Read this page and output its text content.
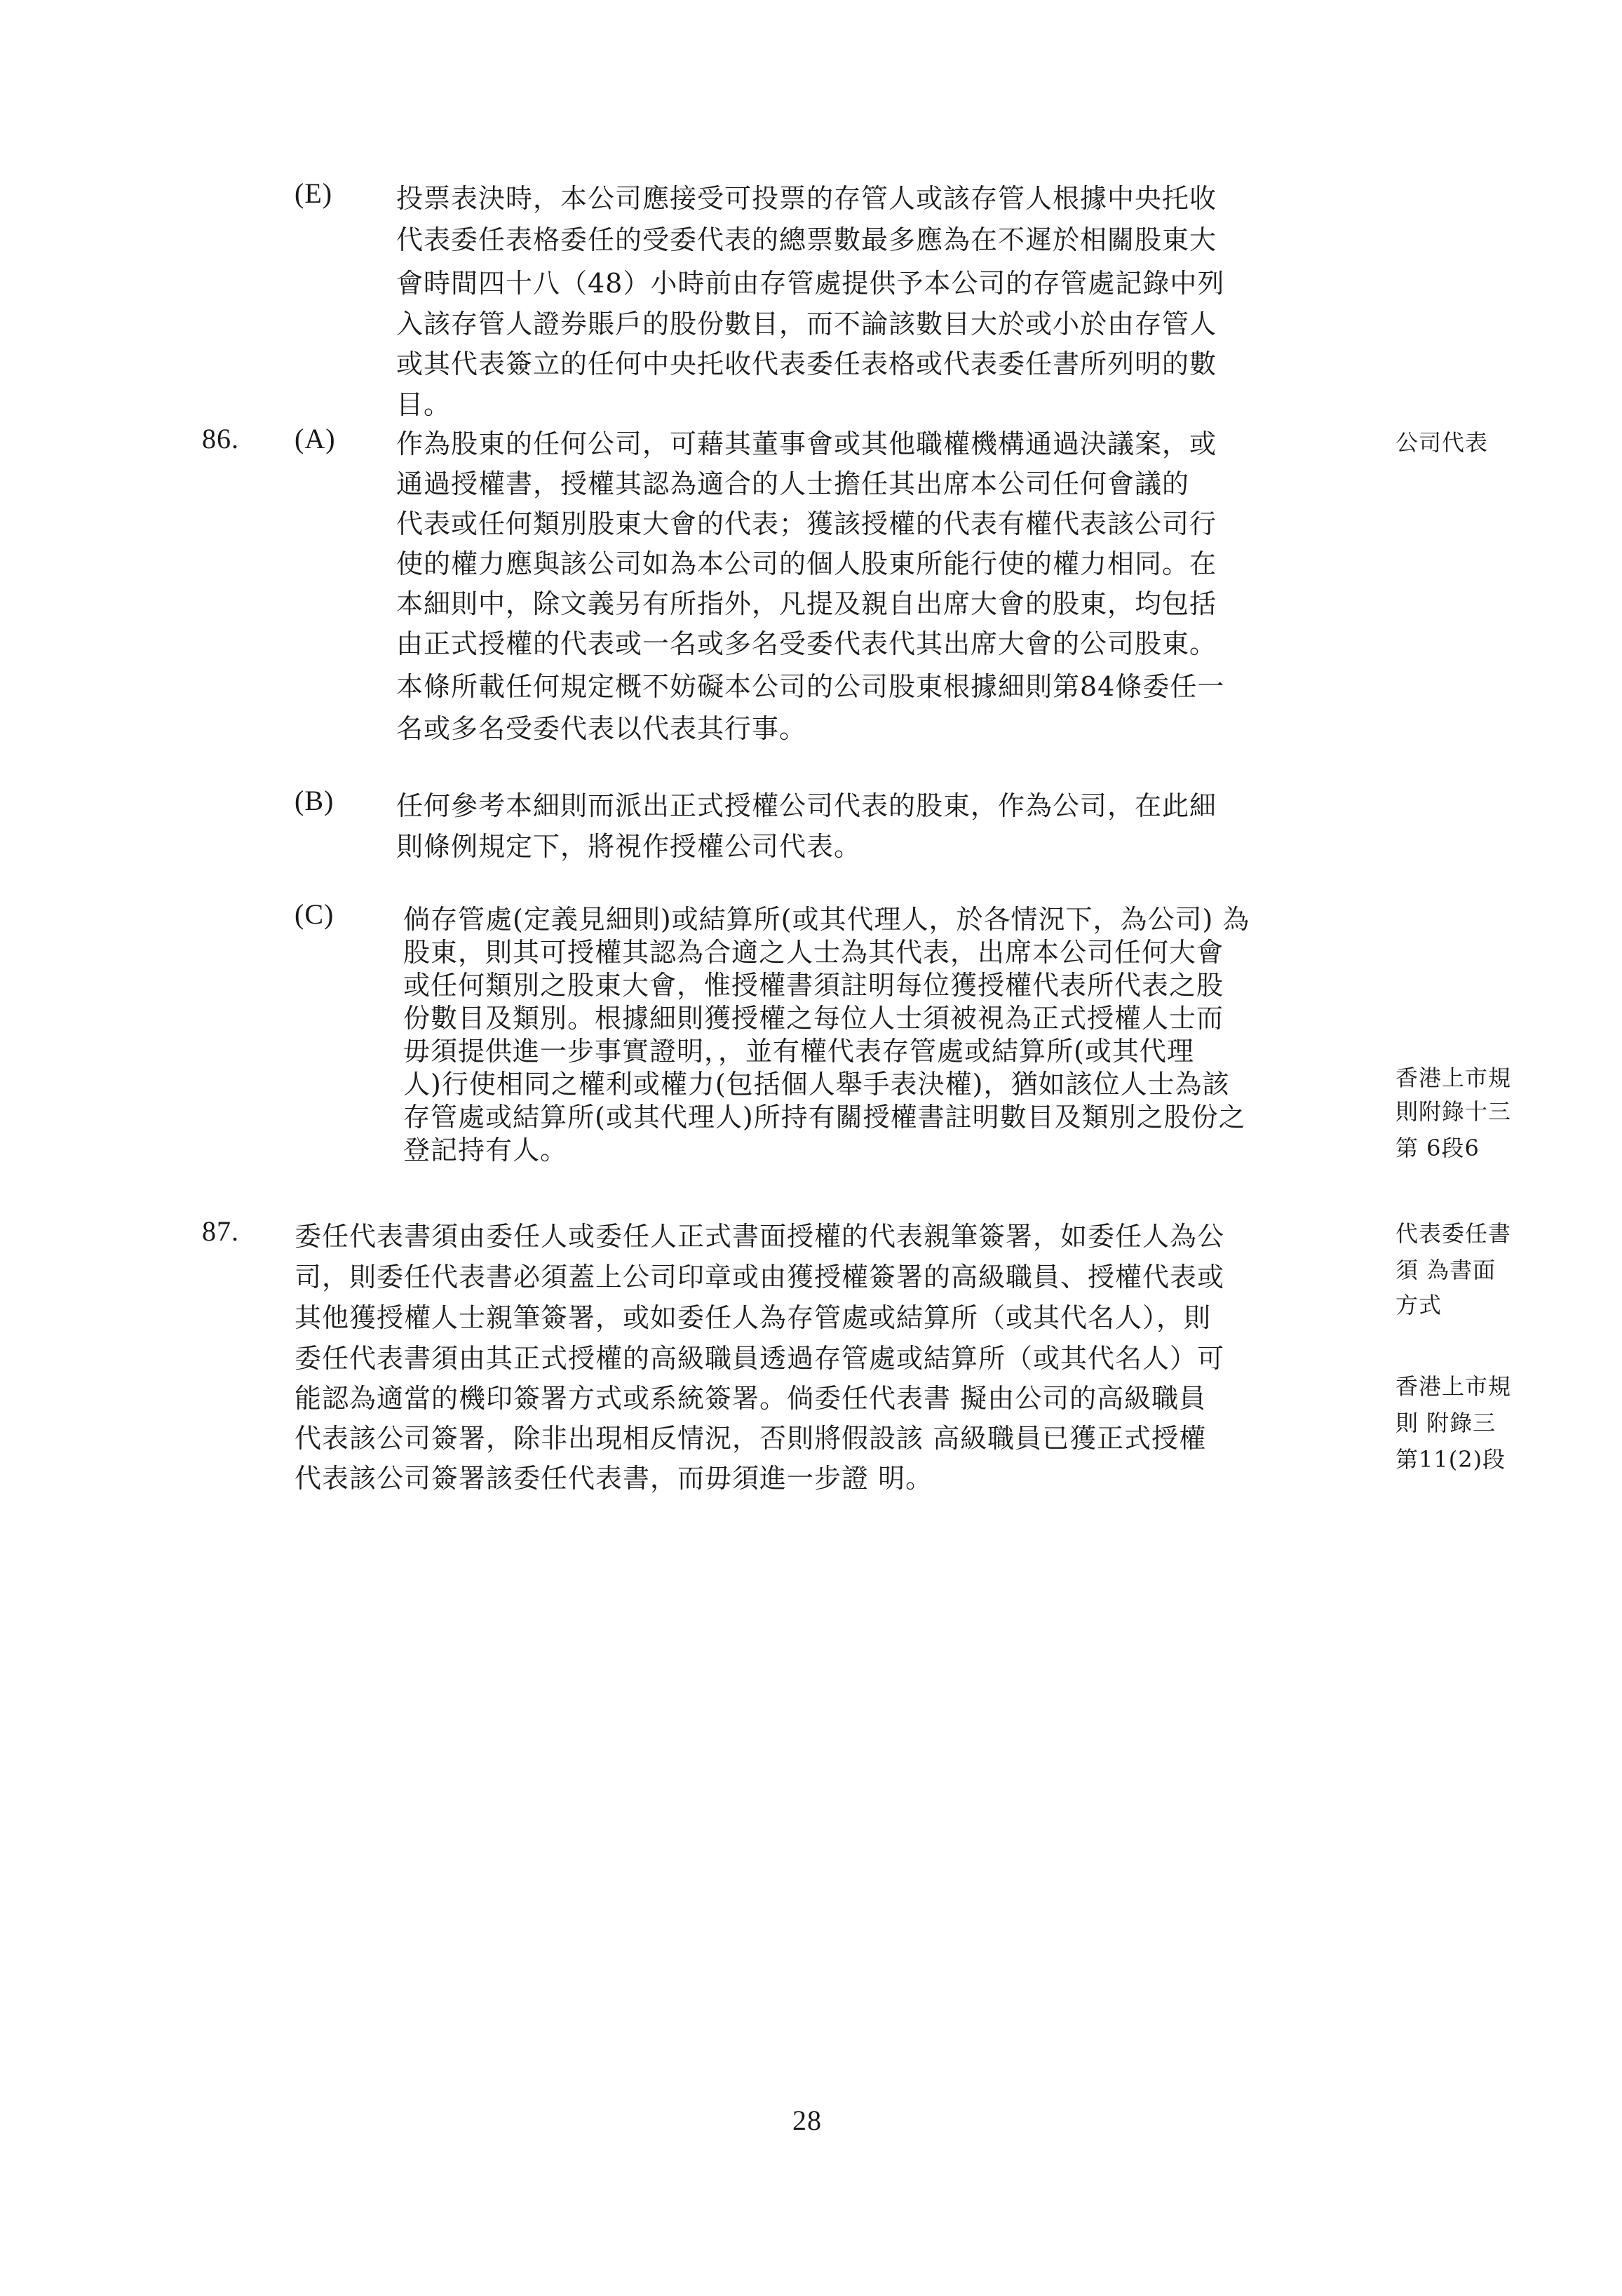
(E) 投票表決時，本公司應接受可投票的存管人或該存管人根據中央托收
代表委任表格委任的受委代表的總票數最多應為在不遲於相關股東大
會時間四十八（48）小時前由存管處提供予本公司的存管處記錄中列
入該存管人證券賬戶的股份數目，而不論該數目大於或小於由存管人
或其代表簽立的任何中央托收代表委任表格或代表委任書所列明的數
目。
86. (A) 作為股東的任何公司，可藉其董事會或其他職權機構通過決議案，或
通過授權書，授權其認為適合的人士擔任其出席本公司任何會議的
代表或任何類別股東大會的代表；獲該授權的代表有權代表該公司行
使的權力應與該公司如為本公司的個人股東所能行使的權力相同。在
本細則中，除文義另有所指外，凡提及親自出席大會的股東，均包括
由正式授權的代表或一名或多名受委代表代其出席大會的公司股東。
本條所載任何規定概不妨礙本公司的公司股東根據細則第84條委任一
名或多名受委代表以代表其行事。
公司代表
(B) 任何參考本細則而派出正式授權公司代表的股東，作為公司，在此細
則條例規定下，將視作授權公司代表。
(C)	倘存管處(定義見細則)或結算所(或其代理人，於各情況下，為公司) 為
股東，則其可授權其認為合適之人士為其代表，出席本公司任何大會
或任何類別之股東大會，惟授權書須註明每位獲授權代表所代表之股
份數目及類別。根據細則獲授權之每位人士須被視為正式授權人士而
毋須提供進一步事實證明，，並有權代表存管處或結算所(或其代理
人)行使相同之權利或權力(包括個人舉手表決權)，猶如該位人士為該
存管處或結算所(或其代理人)所持有關授權書註明數目及類別之股份之
登記持有人。
香港上市規
則附錄十三
第 6段6
87. 委任代表書須由委任人或委任人正式書面授權的代表親筆簽署，如委任人為公
司，則委任代表書必須蓋上公司印章或由獲授權簽署的高級職員、授權代表或
其他獲授權人士親筆簽署，或如委任人為存管處或結算所（或其代名人），則
委任代表書須由其正式授權的高級職員透過存管處或結算所（或其代名人）可
能認為適當的機印簽署方式或系統簽署。倘委任代表書 擬由公司的高級職員
代表該公司簽署，除非出現相反情況，否則將假設該 高級職員已獲正式授權
代表該公司簽署該委任代表書，而毋須進一步證 明。
代表委任書
須 為書面
方式
香港上市規
則 附錄三
第11(2)段
28
